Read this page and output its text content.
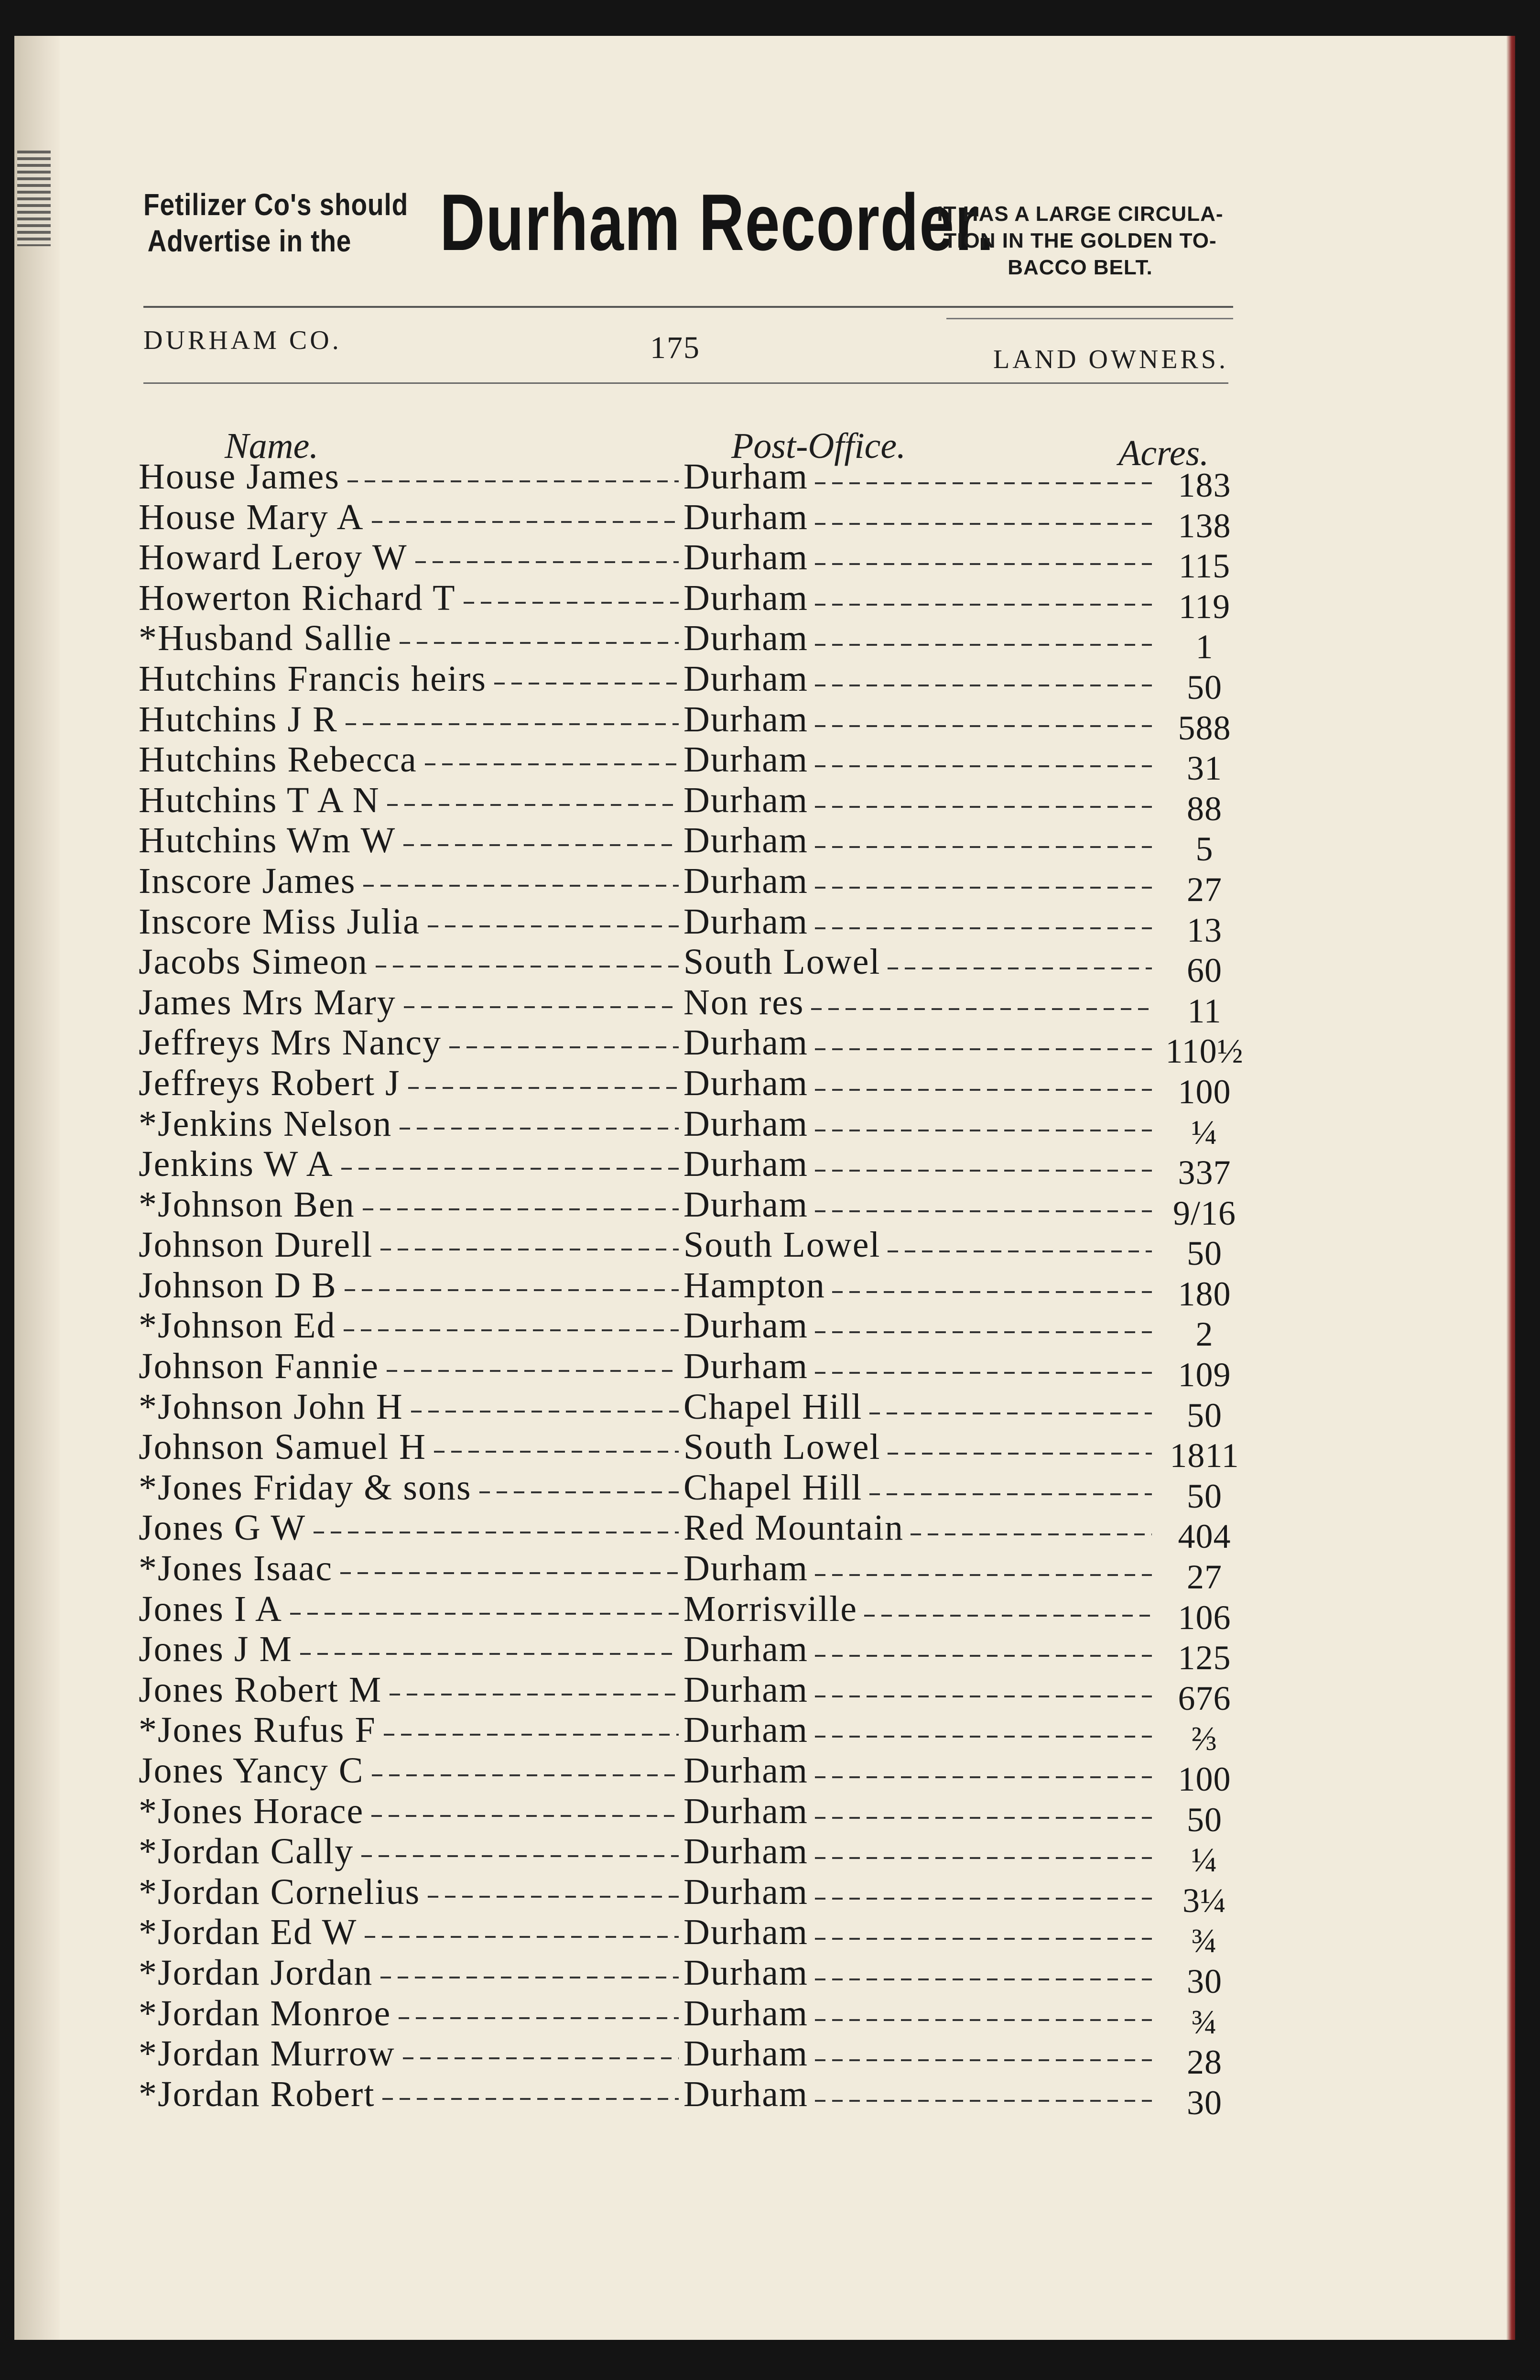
Fetilizer Co's should
Advertise in the	Durham Recorder.
IT HAS A LARGE CIRCULA-
TION IN THE GOLDEN TO-
BACCO BELT.
DURHAM CO.	175	LAND OWNERS.
Name.	Post-Office.	Acres.
House James	Durham	183
House Mary A	Durham	138
Howard Leroy W	Durham	115
Howerton Richard T	Durham	119
*Husband Sallie	Durham	1
Hutchins Francis heirs	Durham	50
Hutchins J R	Durham	588
Hutchins Rebecca	Durham	31
Hutchins T A N	Durham	88
Hutchins Wm W	Durham	5
Inscore James	Durham	27
Inscore Miss Julia	Durham	13
Jacobs Simeon	South Lowel	60
James Mrs Mary	Non res	11
Jeffreys Mrs Nancy	Durham	110½
Jeffreys Robert J	Durham	100
*Jenkins Nelson	Durham	¼
Jenkins W A	Durham	337
*Johnson Ben	Durham	9/16
Johnson Durell	South Lowel	50
Johnson D B	Hampton	180
*Johnson Ed	Durham	2
Johnson Fannie	Durham	109
*Johnson John H	Chapel Hill	50
Johnson Samuel H	South Lowel	1811
*Jones Friday & sons	Chapel Hill	50
Jones G W	Red Mountain	404
*Jones Isaac	Durham	27
Jones I A	Morrisville	106
Jones J M	Durham	125
Jones Robert M	Durham	676
*Jones Rufus F	Durham	⅔
Jones Yancy C	Durham	100
*Jones Horace	Durham	50
*Jordan Cally	Durham	¼
*Jordan Cornelius	Durham	3¼
*Jordan Ed W	Durham	¾
*Jordan Jordan	Durham	30
*Jordan Monroe	Durham	¾
*Jordan Murrow	Durham	28
*Jordan Robert	Durham	30
